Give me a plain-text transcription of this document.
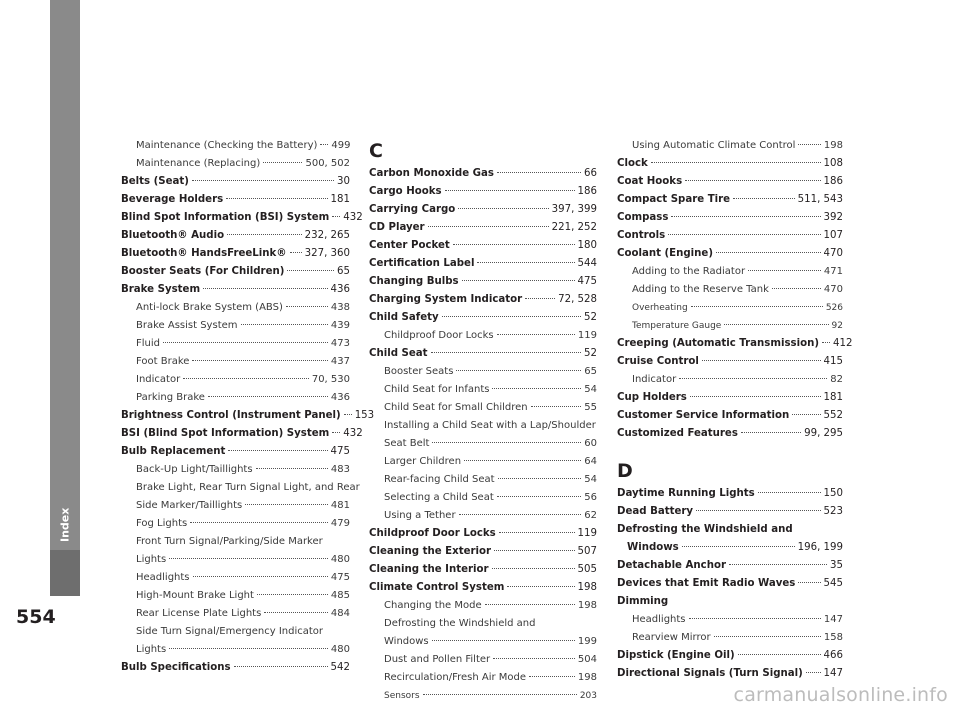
Index
554
Maintenance (Checking the Battery) 499
Maintenance (Replacing)	500, 502
Belts (Seat)	30
Beverage Holders	181
Blind Spot Information (BSI) System 432
Bluetooth® Audio	232, 265
Bluetooth® HandsFreeLink® 327, 360
Booster Seats (For Children)	65
Brake System	436
Anti-lock Brake System (ABS)	438
Brake Assist System	439
Fluid	473
Foot Brake	437
Indicator	70, 530
Parking Brake	436
Brightness Control (Instrument Panel) 153
BSI (Blind Spot Information) System 432
Bulb Replacement	475
Back-Up Light/Taillights	483
Brake Light, Rear Turn Signal Light, and Rear
Side Marker/Taillights	481
Fog Lights	479
Front Turn Signal/Parking/Side Marker
Lights	480
Headlights	475
High-Mount Brake Light	485
Rear License Plate Lights	484
Side Turn Signal/Emergency Indicator
Lights	480
Bulb Specifications	542
C
Carbon Monoxide Gas	66
Cargo Hooks	186
Carrying Cargo	397, 399
CD Player	221, 252
Center Pocket	180
Certification Label	544
Changing Bulbs	475
Charging System Indicator	72, 528
Child Safety	52
Childproof Door Locks	119
Child Seat	52
Booster Seats	65
Child Seat for Infants	54
Child Seat for Small Children	55
Installing a Child Seat with a Lap/Shoulder
Seat Belt	60
Larger Children	64
Rear-facing Child Seat	54
Selecting a Child Seat	56
Using a Tether	62
Childproof Door Locks	119
Cleaning the Exterior	507
Cleaning the Interior	505
Climate Control System	198
Changing the Mode	198
Defrosting the Windshield and
Windows	199
Dust and Pollen Filter	504
Recirculation/Fresh Air Mode	198
Sensors	203
Using Automatic Climate Control	198
Clock	108
Coat Hooks	186
Compact Spare Tire	511, 543
Compass	392
Controls	107
Coolant (Engine)	470
Adding to the Radiator	471
Adding to the Reserve Tank	470
Overheating	526
Temperature Gauge	92
Creeping (Automatic Transmission) 412
Cruise Control	415
Indicator	82
Cup Holders	181
Customer Service Information	552
Customized Features	99, 295
D
Daytime Running Lights	150
Dead Battery	523
Defrosting the Windshield and
Windows	196, 199
Detachable Anchor	35
Devices that Emit Radio Waves	545
Dimming
Headlights	147
Rearview Mirror	158
Dipstick (Engine Oil)	466
Directional Signals (Turn Signal) 147
carmanualsonline.info
